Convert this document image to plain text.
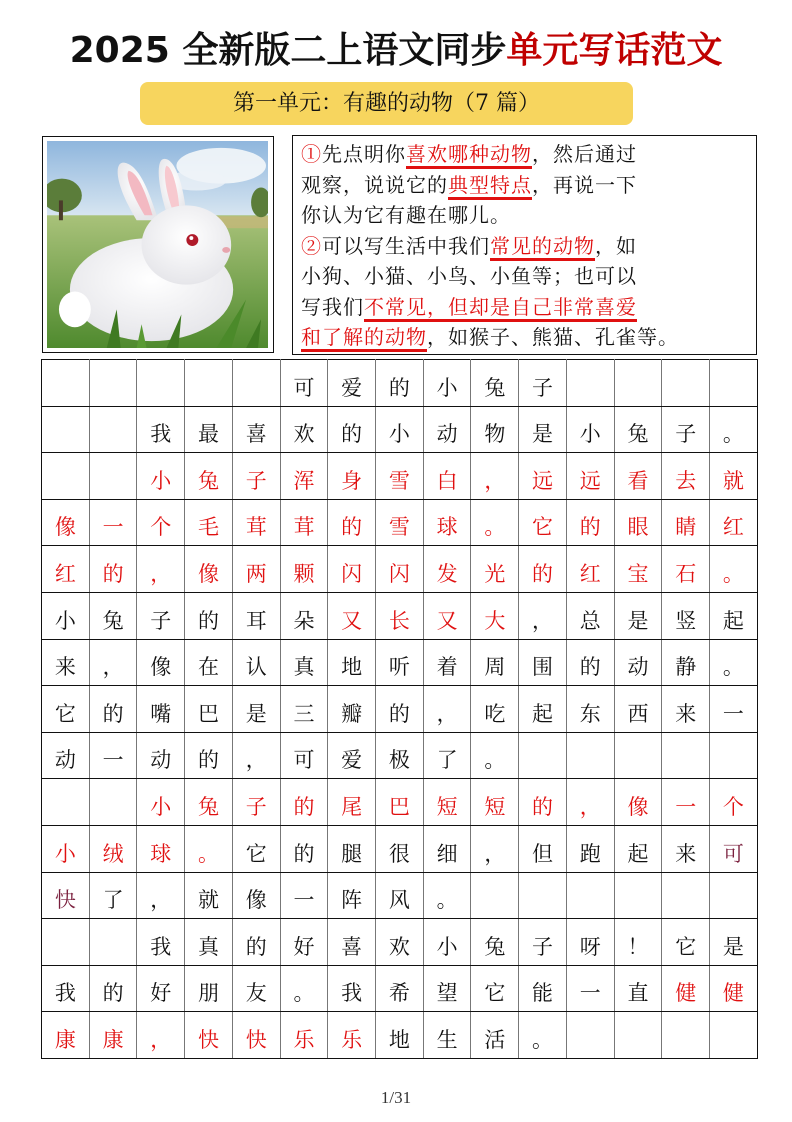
2025 全新版二上语文同步单元写话范文
第一单元：有趣的动物（7 篇）
①先点明你喜欢哪种动物，然后通过
观察，说说它的典型特点，再说一下
你认为它有趣在哪儿。
②可以写生活中我们常见的动物，如
小狗、小猫、小鸟、小鱼等；也可以
写我们不常见，但却是自己非常喜爱
和了解的动物，如猴子、熊猫、孔雀等。
					可	爱	的	小	兔	子				
		我	最	喜	欢	的	小	动	物	是	小	兔	子	。
		小	兔	子	浑	身	雪	白	，	远	远	看	去	就
像	一	个	毛	茸	茸	的	雪	球	。	它	的	眼	睛	红
红	的	，	像	两	颗	闪	闪	发	光	的	红	宝	石	。
小	兔	子	的	耳	朵	又	长	又	大	，	总	是	竖	起
来	，	像	在	认	真	地	听	着	周	围	的	动	静	。
它	的	嘴	巴	是	三	瓣	的	，	吃	起	东	西	来	一
动	一	动	的	，	可	爱	极	了	。					
		小	兔	子	的	尾	巴	短	短	的	，	像	一	个
小	绒	球	。	它	的	腿	很	细	，	但	跑	起	来	可
快	了	，	就	像	一	阵	风	。						
		我	真	的	好	喜	欢	小	兔	子	呀	！	它	是
我	的	好	朋	友	。	我	希	望	它	能	一	直	健	健
康	康	，	快	快	乐	乐	地	生	活	。				
1/31
